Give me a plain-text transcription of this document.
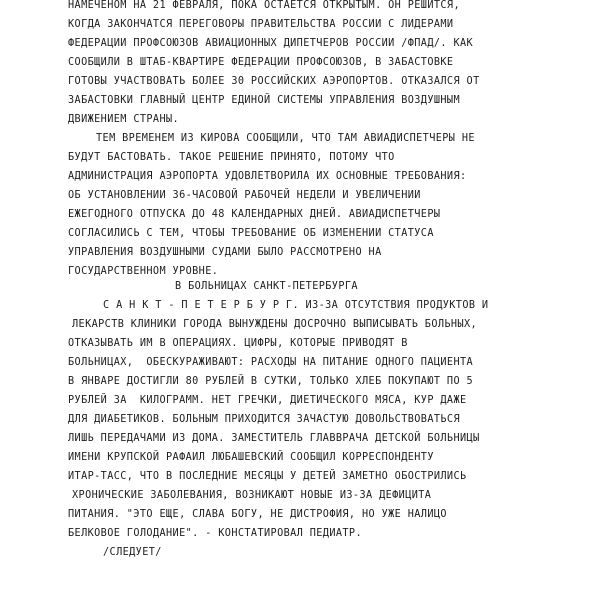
НАМЕЧЕНОМ НА 21 ФЕВРАЛЯ, ПОКА ОСТАЕТСЯ ОТКРЫТЫМ. ОН РЕШИТСЯ,
КОГДА ЗАКОНЧАТСЯ ПЕРЕГОВОРЫ ПРАВИТЕЛЬСТВА РОССИИ С ЛИДЕРАМИ
ФЕДЕРАЦИИ ПРОФСОЮЗОВ АВИАЦИОННЫХ ДИПЕТЧЕРОВ РОССИИ /ФПАД/. КАК
СООБЩИЛИ В ШТАБ-КВАРТИРЕ ФЕДЕРАЦИИ ПРОФСОЮЗОВ, В ЗАБАСТОВКЕ
ГОТОВЫ УЧАСТВОВАТЬ БОЛЕЕ 30 РОССИЙСКИХ АЭРОПОРТОВ. ОТКАЗАЛСЯ ОТ
ЗАБАСТОВКИ ГЛАВНЫЙ ЦЕНТР ЕДИНОЙ СИСТЕМЫ УПРАВЛЕНИЯ ВОЗДУШНЫМ
ДВИЖЕНИЕМ СТРАНЫ.
ТЕМ ВРЕМЕНЕМ ИЗ КИРОВА СООБЩИЛИ, ЧТО ТАМ АВИАДИСПЕТЧЕРЫ НЕ
БУДУТ БАСТОВАТЬ. ТАКОЕ РЕШЕНИЕ ПРИНЯТО, ПОТОМУ ЧТО
АДМИНИСТРАЦИЯ АЭРОПОРТА УДОВЛЕТВОРИЛА ИХ ОСНОВНЫЕ ТРЕБОВАНИЯ:
ОБ УСТАНОВЛЕНИИ 36-ЧАСОВОЙ РАБОЧЕЙ НЕДЕЛИ И УВЕЛИЧЕНИИ
ЕЖЕГОДНОГО ОТПУСКА ДО 48 КАЛЕНДАРНЫХ ДНЕЙ. АВИАДИСПЕТЧЕРЫ
СОГЛАСИЛИСЬ С ТЕМ, ЧТОБЫ ТРЕБОВАНИЕ ОБ ИЗМЕНЕНИИ СТАТУСА
УПРАВЛЕНИЯ ВОЗДУШНЫМИ СУДАМИ БЫЛО РАССМОТРЕНО НА
ГОСУДАРСТВЕННОМ УРОВНЕ.
В БОЛЬНИЦАХ САНКТ-ПЕТЕРБУРГА
С А Н К Т - П Е Т Е Р Б У Р Г. ИЗ-ЗА ОТСУТСТВИЯ ПРОДУКТОВ И
ЛЕКАРСТВ КЛИНИКИ ГОРОДА ВЫНУЖДЕНЫ ДОСРОЧНО ВЫПИСЫВАТЬ БОЛЬНЫХ,
ОТКАЗЫВАТЬ ИМ В ОПЕРАЦИЯХ. ЦИФРЫ, КОТОРЫЕ ПРИВОДЯТ В
БОЛЬНИЦАХ,  ОБЕСКУРАЖИВАЮТ: РАСХОДЫ НА ПИТАНИЕ ОДНОГО ПАЦИЕНТА
В ЯНВАРЕ ДОСТИГЛИ 80 РУБЛЕЙ В СУТКИ, ТОЛЬКО ХЛЕБ ПОКУПАЮТ ПО 5
РУБЛЕЙ ЗА  КИЛОГРАММ. НЕТ ГРЕЧКИ, ДИЕТИЧЕСКОГО МЯСА, КУР ДАЖЕ
ДЛЯ ДИАБЕТИКОВ. БОЛЬНЫМ ПРИХОДИТСЯ ЗАЧАСТУЮ ДОВОЛЬСТВОВАТЬСЯ
ЛИШЬ ПЕРЕДАЧАМИ ИЗ ДОМА. ЗАМЕСТИТЕЛЬ ГЛАВВРАЧА ДЕТСКОЙ БОЛЬНИЦЫ
ИМЕНИ КРУПСКОЙ РАФАИЛ ЛЮБАШЕВСКИЙ СООБЩИЛ КОРРЕСПОНДЕНТУ
ИТАР-ТАСС, ЧТО В ПОСЛЕДНИЕ МЕСЯЦЫ У ДЕТЕЙ ЗАМЕТНО ОБОСТРИЛИСЬ
ХРОНИЧЕСКИЕ ЗАБОЛЕВАНИЯ, ВОЗНИКАЮТ НОВЫЕ ИЗ-ЗА ДЕФИЦИТА
ПИТАНИЯ. "ЭТО ЕЩЕ, СЛАВА БОГУ, НЕ ДИСТРОФИЯ, НО УЖЕ НАЛИЦО
БЕЛКОВОЕ ГОЛОДАНИЕ". - КОНСТАТИРОВАЛ ПЕДИАТР.
/СЛЕДУЕТ/
